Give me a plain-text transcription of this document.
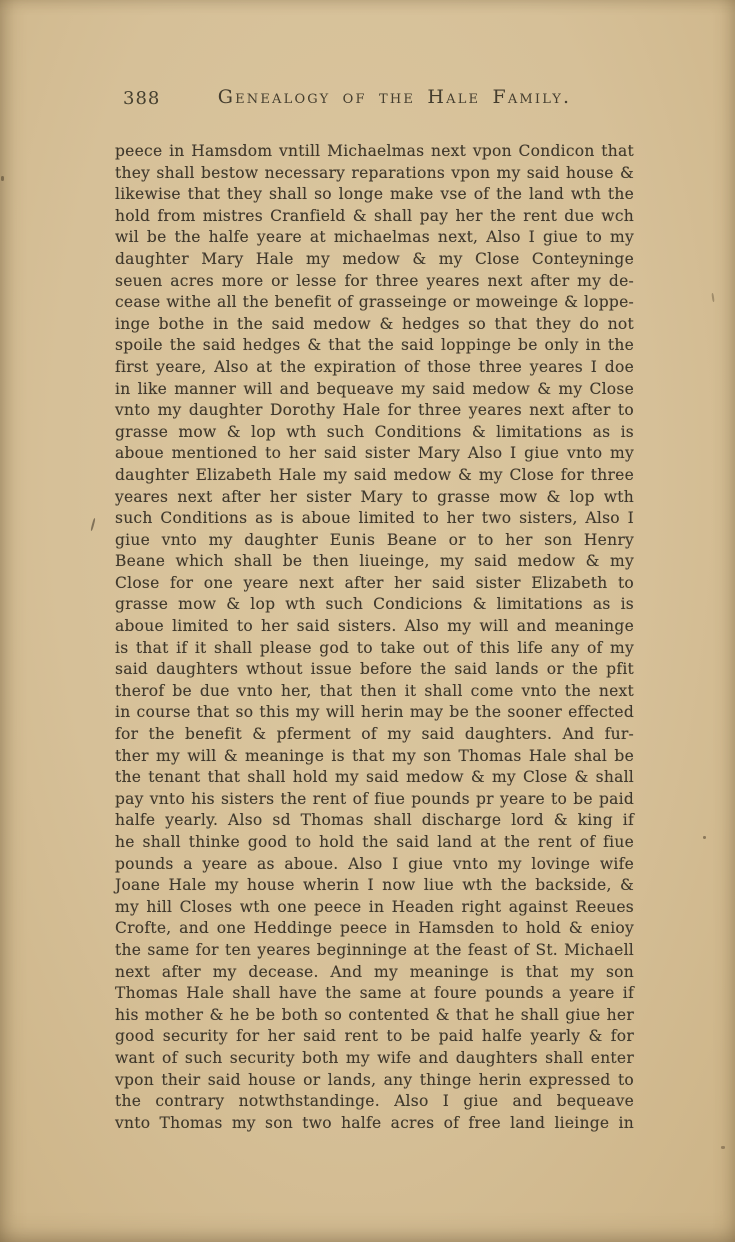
388	Genealogy of the Hale Family.
peece in Hamsdom vntill Michaelmas next vpon Condicon that
they shall bestow necessary reparations vpon my said house &
likewise that they shall so longe make vse of the land wth the
hold from mistres Cranfield & shall pay her the rent due wch
wil be the halfe yeare at michaelmas next, Also I giue to my
daughter Mary Hale my medow & my Close Conteyninge
seuen acres more or lesse for three yeares next after my de-
cease withe all the benefit of grasseinge or moweinge & loppe-
inge bothe in the said medow & hedges so that they do not
spoile the said hedges & that the said loppinge be only in the
first yeare, Also at the expiration of those three yeares I doe
in like manner will and bequeave my said medow & my Close
vnto my daughter Dorothy Hale for three yeares next after to
grasse mow & lop wth such Conditions & limitations as is
aboue mentioned to her said sister Mary Also I giue vnto my
daughter Elizabeth Hale my said medow & my Close for three
yeares next after her sister Mary to grasse mow & lop wth
such Conditions as is aboue limited to her two sisters, Also I
giue vnto my daughter Eunis Beane or to her son Henry
Beane which shall be then liueinge, my said medow & my
Close for one yeare next after her said sister Elizabeth to
grasse mow & lop wth such Condicions & limitations as is
aboue limited to her said sisters. Also my will and meaninge
is that if it shall please god to take out of this life any of my
said daughters wthout issue before the said lands or the pfit
therof be due vnto her, that then it shall come vnto the next
in course that so this my will herin may be the sooner effected
for the benefit & pferment of my said daughters. And fur-
ther my will & meaninge is that my son Thomas Hale shal be
the tenant that shall hold my said medow & my Close & shall
pay vnto his sisters the rent of fiue pounds pr yeare to be paid
halfe yearly. Also sd Thomas shall discharge lord & king if
he shall thinke good to hold the said land at the rent of fiue
pounds a yeare as aboue. Also I giue vnto my lovinge wife
Joane Hale my house wherin I now liue wth the backside, &
my hill Closes wth one peece in Headen right against Reeues
Crofte, and one Heddinge peece in Hamsden to hold & enioy
the same for ten yeares beginninge at the feast of St. Michaell
next after my decease. And my meaninge is that my son
Thomas Hale shall have the same at foure pounds a yeare if
his mother & he be both so contented & that he shall giue her
good security for her said rent to be paid halfe yearly & for
want of such security both my wife and daughters shall enter
vpon their said house or lands, any thinge herin expressed to
the contrary notwthstandinge. Also I giue and bequeave
vnto Thomas my son two halfe acres of free land lieinge in
